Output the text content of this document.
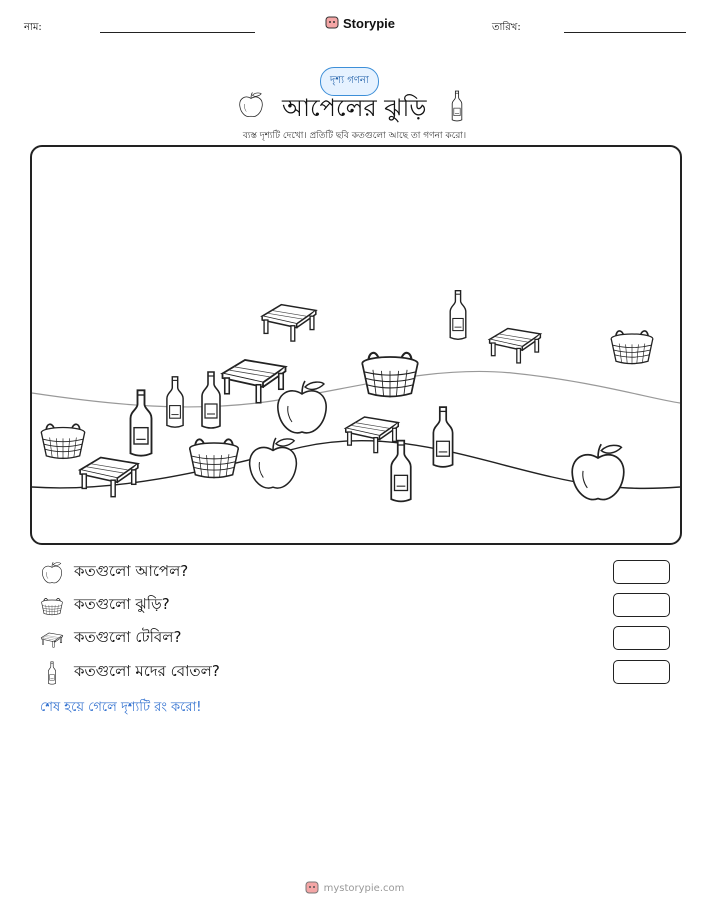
নাম:	Storypie	তারিখ:
দৃশ্য গণনা
আপেলের ঝুড়ি
ব্যস্ত দৃশ্যটি দেখো। প্রতিটি ছবি কতগুলো আছে তা গণনা করো।
কতগুলো আপেল?
কতগুলো ঝুড়ি?
কতগুলো টেবিল?
কতগুলো মদের বোতল?
শেষ হয়ে গেলে দৃশ্যটি রং করো!
mystorypie.com
